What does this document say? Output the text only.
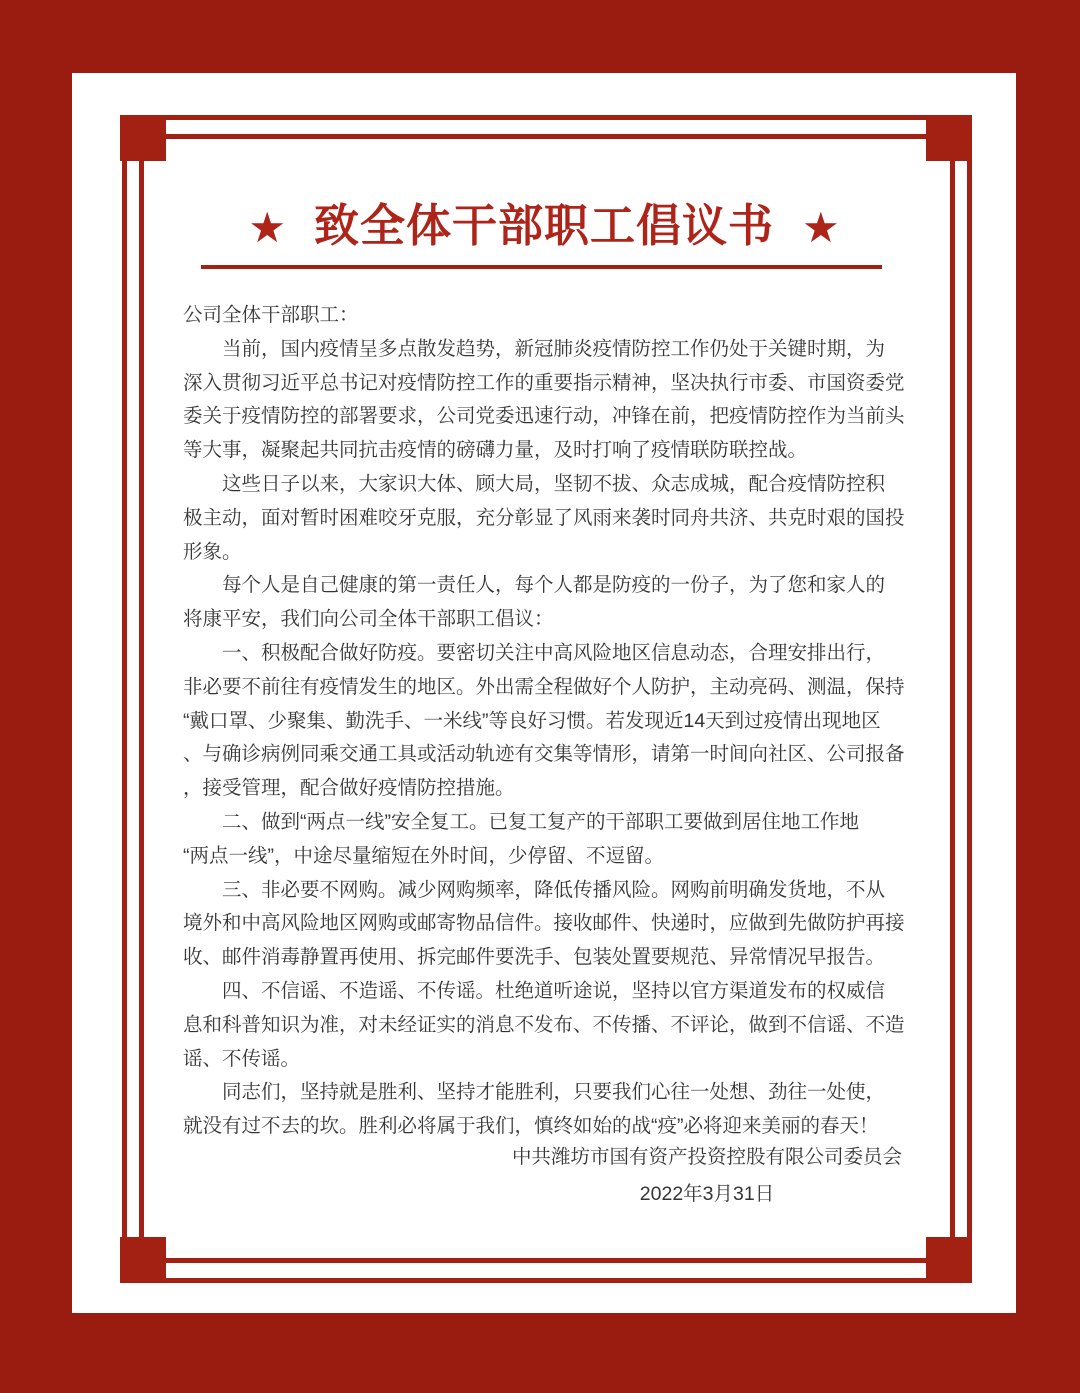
★ 致全体干部职工倡议书 ★
公司全体干部职工：
　　当前，国内疫情呈多点散发趋势，新冠肺炎疫情防控工作仍处于关键时期，为
深入贯彻习近平总书记对疫情防控工作的重要指示精神，坚决执行市委、市国资委党
委关于疫情防控的部署要求，公司党委迅速行动，冲锋在前，把疫情防控作为当前头
等大事，凝聚起共同抗击疫情的磅礴力量，及时打响了疫情联防联控战。
　　这些日子以来，大家识大体、顾大局，坚韧不拔、众志成城，配合疫情防控积
极主动，面对暂时困难咬牙克服，充分彰显了风雨来袭时同舟共济、共克时艰的国投
形象。
　　每个人是自己健康的第一责任人，每个人都是防疫的一份子，为了您和家人的
将康平安，我们向公司全体干部职工倡议：
　　一、积极配合做好防疫。要密切关注中高风险地区信息动态，合理安排出行，
非必要不前往有疫情发生的地区。外出需全程做好个人防护，主动亮码、测温，保持
“戴口罩、少聚集、勤洗手、一米线”等良好习惯。若发现近14天到过疫情出现地区
、与确诊病例同乘交通工具或活动轨迹有交集等情形，请第一时间向社区、公司报备
，接受管理，配合做好疫情防控措施。
　　二、做到“两点一线”安全复工。已复工复产的干部职工要做到居住地工作地
“两点一线”，中途尽量缩短在外时间，少停留、不逗留。
　　三、非必要不网购。减少网购频率，降低传播风险。网购前明确发货地，不从
境外和中高风险地区网购或邮寄物品信件。接收邮件、快递时，应做到先做防护再接
收、邮件消毒静置再使用、拆完邮件要洗手、包装处置要规范、异常情况早报告。
　　四、不信谣、不造谣、不传谣。杜绝道听途说，坚持以官方渠道发布的权威信
息和科普知识为准，对未经证实的消息不发布、不传播、不评论，做到不信谣、不造
谣、不传谣。
　　同志们，坚持就是胜利、坚持才能胜利，只要我们心往一处想、劲往一处使，
就没有过不去的坎。胜利必将属于我们，慎终如始的战“疫”必将迎来美丽的春天！
中共潍坊市国有资产投资控股有限公司委员会
2022年3月31日
